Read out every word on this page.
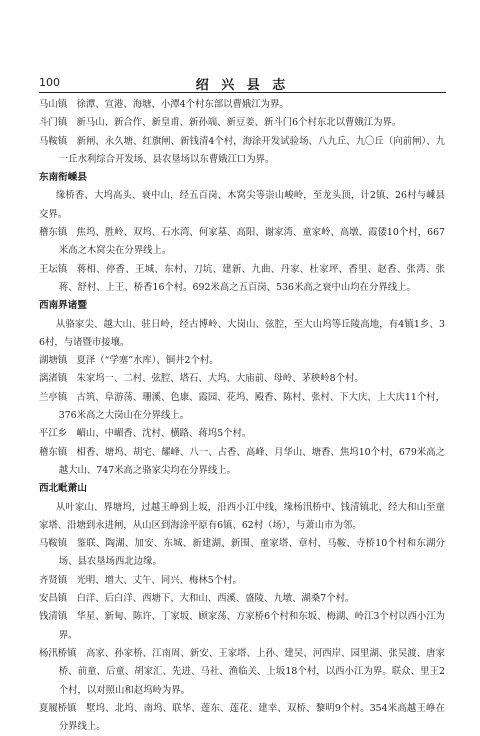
100	绍 兴 县 志

马山镇 徐潭、宣港、海塘、小潭4个村东部以曹娥江为界。

斗门镇 新马山、新合作、新皇甫、新孙端、新豆姜、新斗门6个村东北以曹娥江为界。

马鞍镇 新闸、永久塘、红旗闸、新钱清4个村，海涂开发试验场、八九丘、九〇丘（向前闸）、九一丘水利综合开发场、县农垦场以东曹娥江口为界。

东南衔嵊县

缘桥香、大坞高头、衰中山，经五百岗、木窝尖等崇山峻岭，至龙头顶，计2镇、26村与嵊县交界。

稽东镇 焦坞、胜岭、双坞、石水湾、何家墓、高阳、谢家湾、童家岭、高墩、霞倭10个村，667米高之木窝尖在分界线上。

王坛镇 蒋相、停香、王城、东村、刀坑、建新、九曲、丹家、杜家坪、香里、赵香、张湾、张蒋、舒村、上王、桥香16个村。692米高之五百岗、536米高之衰中山均在分界线上。

西南界诸暨

从骆家尖、越大山、驻日岭，经古博岭、大岗山、弦腔，至大山坞等丘陵高地，有4镇1乡、36村，与诸暨市接壤。

湖塘镇 夏泽（“学塞”水库）、铜井2个村。

漓渚镇 朱家坞一、二村、弦腔、塔石、大坞、大庙前、母岭、茅秧岭8个村。

兰亭镇 古筑、阜游荡、珊溪、色康、霞园、花坞、殿香、陈村、张村、下大庆、上大庆11个村，376米高之大岗山在分界线上。

平江乡 嵋山、中嵋香、沈村、横路、蒋坞5个村。

稽东镇 相香、塘坞、胡宅、耀峰、八一、占香、高峰、月华山、塘香、焦坞10个村，679米高之越大山、747米高之骆家尖均在分界线上。

西北毗萧山

从叶家山、界塘坞，过越王峥到上坂，沿西小江中线，缘杨汛桥中、钱清镇北，经大和山至童家塔、沿塘到永进闸，从山区到海涂平原有6镇、62村（场），与萧山市为邻。

马鞍镇 鉴联、陶湖、加安、东城、新建湖、新围、童家塔、章村、马鞍、寺桥10个村和东湖分场、县农垦场西北边缘。

齐贤镇 光明、增大、丈午、同兴、梅林5个村。

安昌镇 白洋、后白洋、西塘下、大和山、西溪、盛陵、九墩、湖桑7个村。

钱清镇 华星、新甸、陈许、丁家坂、顾家荡、方家桥6个村和东坂、梅湖、岭江3个村以西小江为界。

杨汛桥镇 高家、孙家桥、江南周、新安、王家塔、上孙、建吴、河西岸、园里湖、张吴渡、唐家桥、前童、后童、胡家汇、先进、马社、渔临关、上坂18个村，以西小江为界。联众、里王2个村，以对照山和赵坞岭为界。

夏履桥镇 墅坞、北坞、南坞、联华、莲东、莲花、建幸、双桥、黎明9个村。354米高越王峥在分界线上。
